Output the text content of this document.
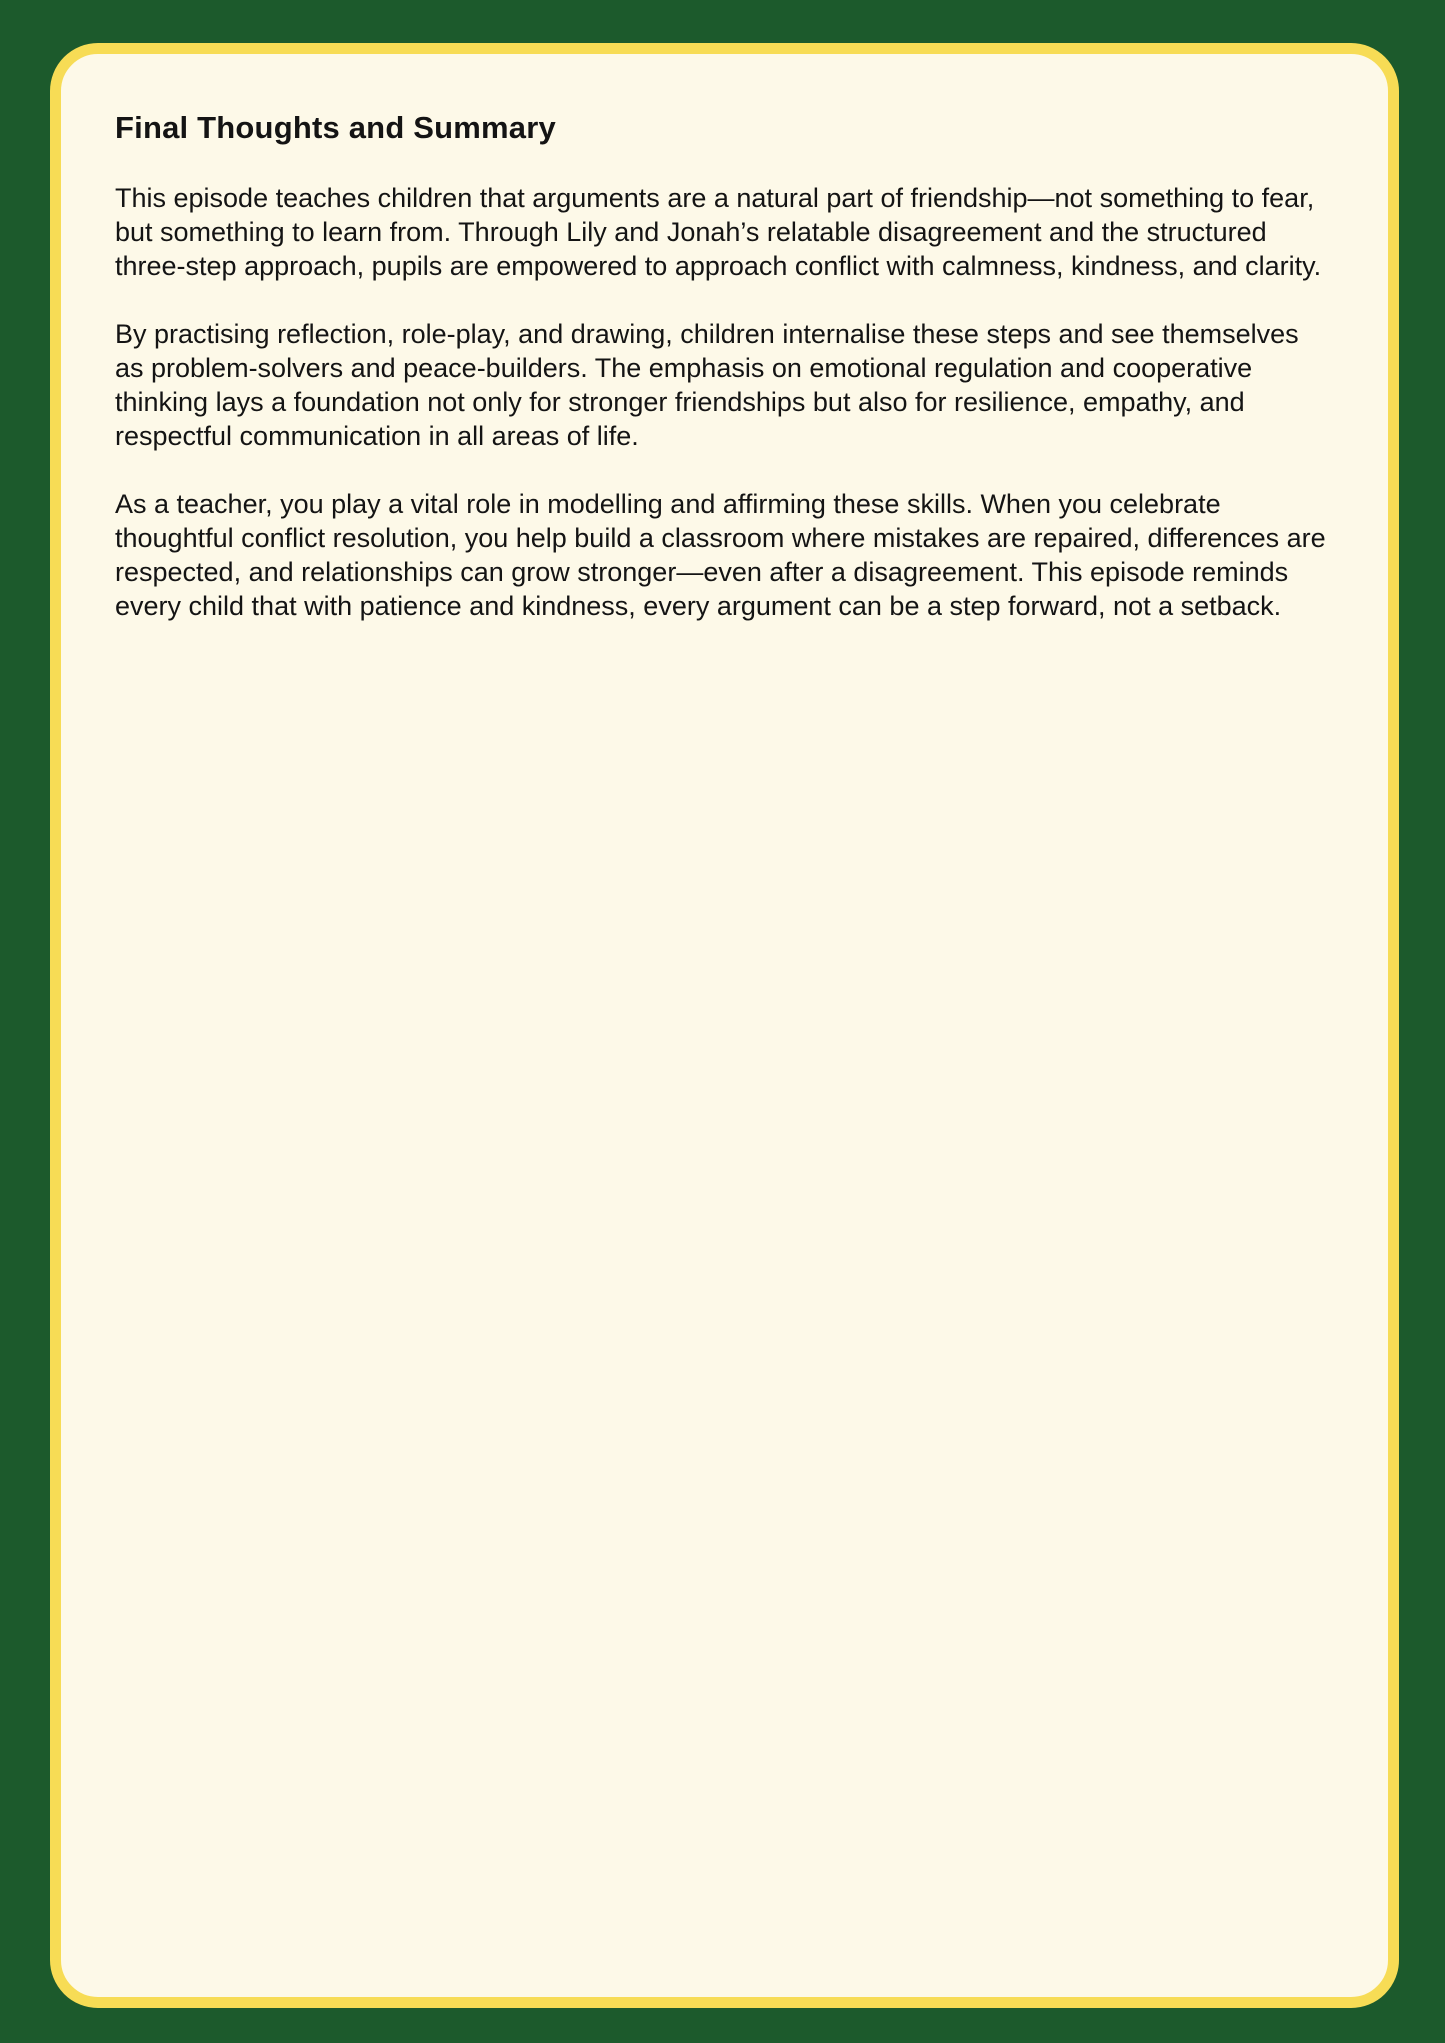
Final Thoughts and Summary

This episode teaches children that arguments are a natural part of friendship—not something to fear, but something to learn from. Through Lily and Jonah’s relatable disagreement and the structured three-step approach, pupils are empowered to approach conflict with calmness, kindness, and clarity.

By practising reflection, role-play, and drawing, children internalise these steps and see themselves as problem-solvers and peace-builders. The emphasis on emotional regulation and cooperative thinking lays a foundation not only for stronger friendships but also for resilience, empathy, and respectful communication in all areas of life.

As a teacher, you play a vital role in modelling and affirming these skills. When you celebrate thoughtful conflict resolution, you help build a classroom where mistakes are repaired, differences are respected, and relationships can grow stronger—even after a disagreement. This episode reminds every child that with patience and kindness, every argument can be a step forward, not a setback.
